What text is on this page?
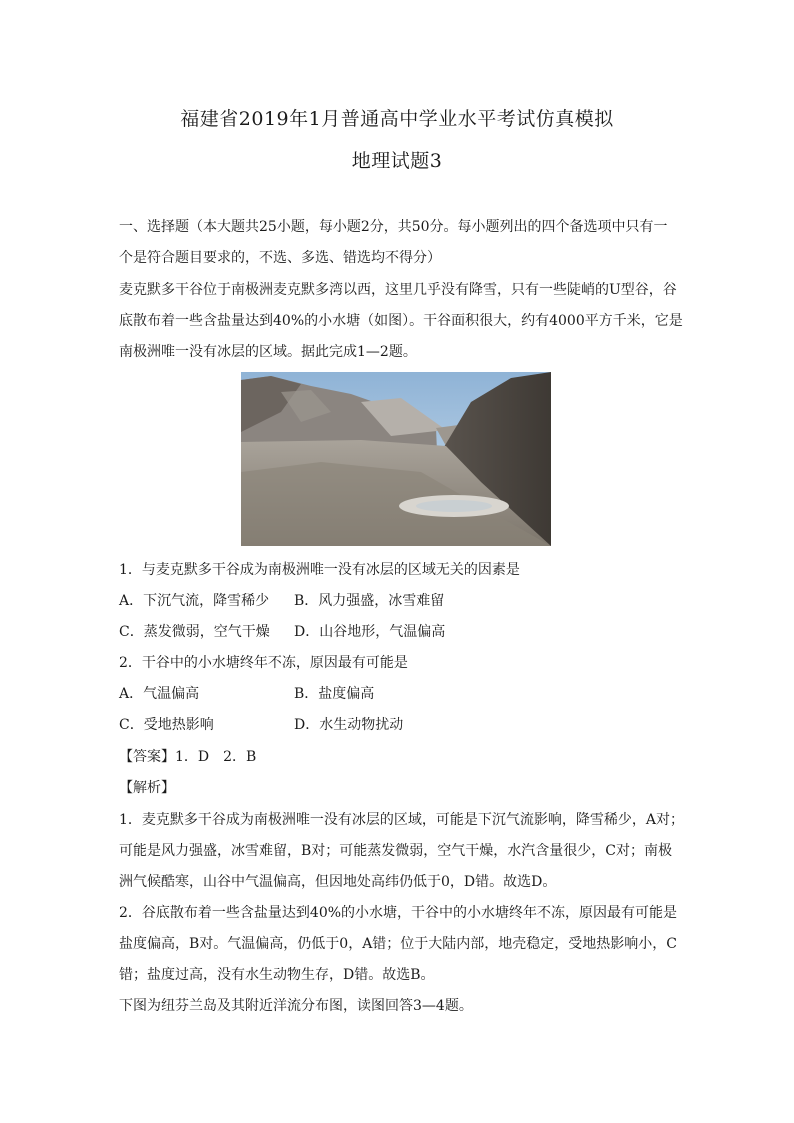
福建省2019年1月普通高中学业水平考试仿真模拟
地理试题3
一、选择题（本大题共25小题，每小题2分，共50分。每小题列出的四个备选项中只有一
个是符合题目要求的，不选、多选、错选均不得分）
麦克默多干谷位于南极洲麦克默多湾以西，这里几乎没有降雪，只有一些陡峭的U型谷，谷
底散布着一些含盐量达到40%的小水塘（如图）。干谷面积很大，约有4000平方千米，它是
南极洲唯一没有冰层的区域。据此完成1—2题。
1．与麦克默多干谷成为南极洲唯一没有冰层的区域无关的因素是
A．下沉气流，降雪稀少 B．风力强盛，冰雪难留
C．蒸发微弱，空气干燥 D．山谷地形，气温偏高
2．干谷中的小水塘终年不冻，原因最有可能是
A．气温偏高	B．盐度偏高
C．受地热影响	D．水生动物扰动
【答案】1．D　2．B
【解析】
1．麦克默多干谷成为南极洲唯一没有冰层的区域，可能是下沉气流影响，降雪稀少，A对；
可能是风力强盛，冰雪难留，B对；可能蒸发微弱，空气干燥，水汽含量很少，C对；南极
洲气候酷寒，山谷中气温偏高，但因地处高纬仍低于0，D错。故选D。
2．谷底散布着一些含盐量达到40%的小水塘，干谷中的小水塘终年不冻，原因最有可能是
盐度偏高，B对。气温偏高，仍低于0，A错；位于大陆内部，地壳稳定，受地热影响小，C
错；盐度过高，没有水生动物生存，D错。故选B。
下图为纽芬兰岛及其附近洋流分布图，读图回答3—4题。
